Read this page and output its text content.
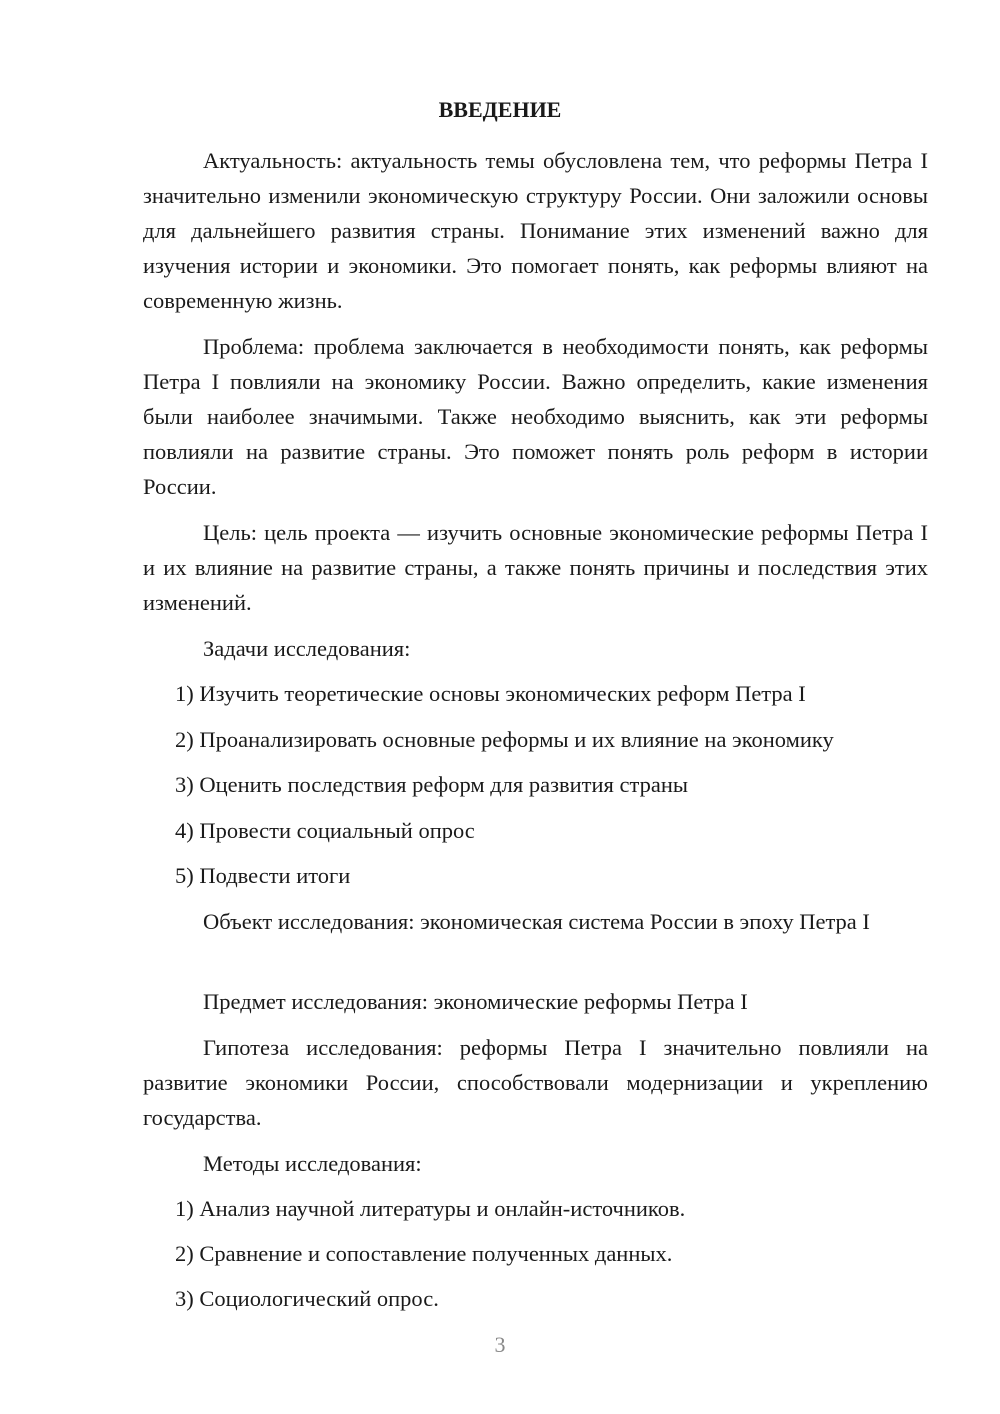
ВВЕДЕНИЕ

Актуальность: актуальность темы обусловлена тем, что реформы Петра I значительно изменили экономическую структуру России. Они заложили основы для дальнейшего развития страны. Понимание этих изменений важно для изучения истории и экономики. Это помогает понять, как реформы влияют на современную жизнь.

Проблема: проблема заключается в необходимости понять, как реформы Петра I повлияли на экономику России. Важно определить, какие изменения были наиболее значимыми. Также необходимо выяснить, как эти реформы повлияли на развитие страны. Это поможет понять роль реформ в истории России.

Цель: цель проекта — изучить основные экономические реформы Петра I и их влияние на развитие страны, а также понять причины и последствия этих изменений.

Задачи исследования:

1) Изучить теоретические основы экономических реформ Петра I

2) Проанализировать основные реформы и их влияние на экономику

3) Оценить последствия реформ для развития страны

4) Провести социальный опрос

5) Подвести итоги

Объект исследования: экономическая система России в эпоху Петра I

Предмет исследования: экономические реформы Петра I

Гипотеза исследования: реформы Петра I значительно повлияли на развитие экономики России, способствовали модернизации и укреплению государства.

Методы исследования:

1) Анализ научной литературы и онлайн-источников.

2) Сравнение и сопоставление полученных данных.

3) Социологический опрос.

3
